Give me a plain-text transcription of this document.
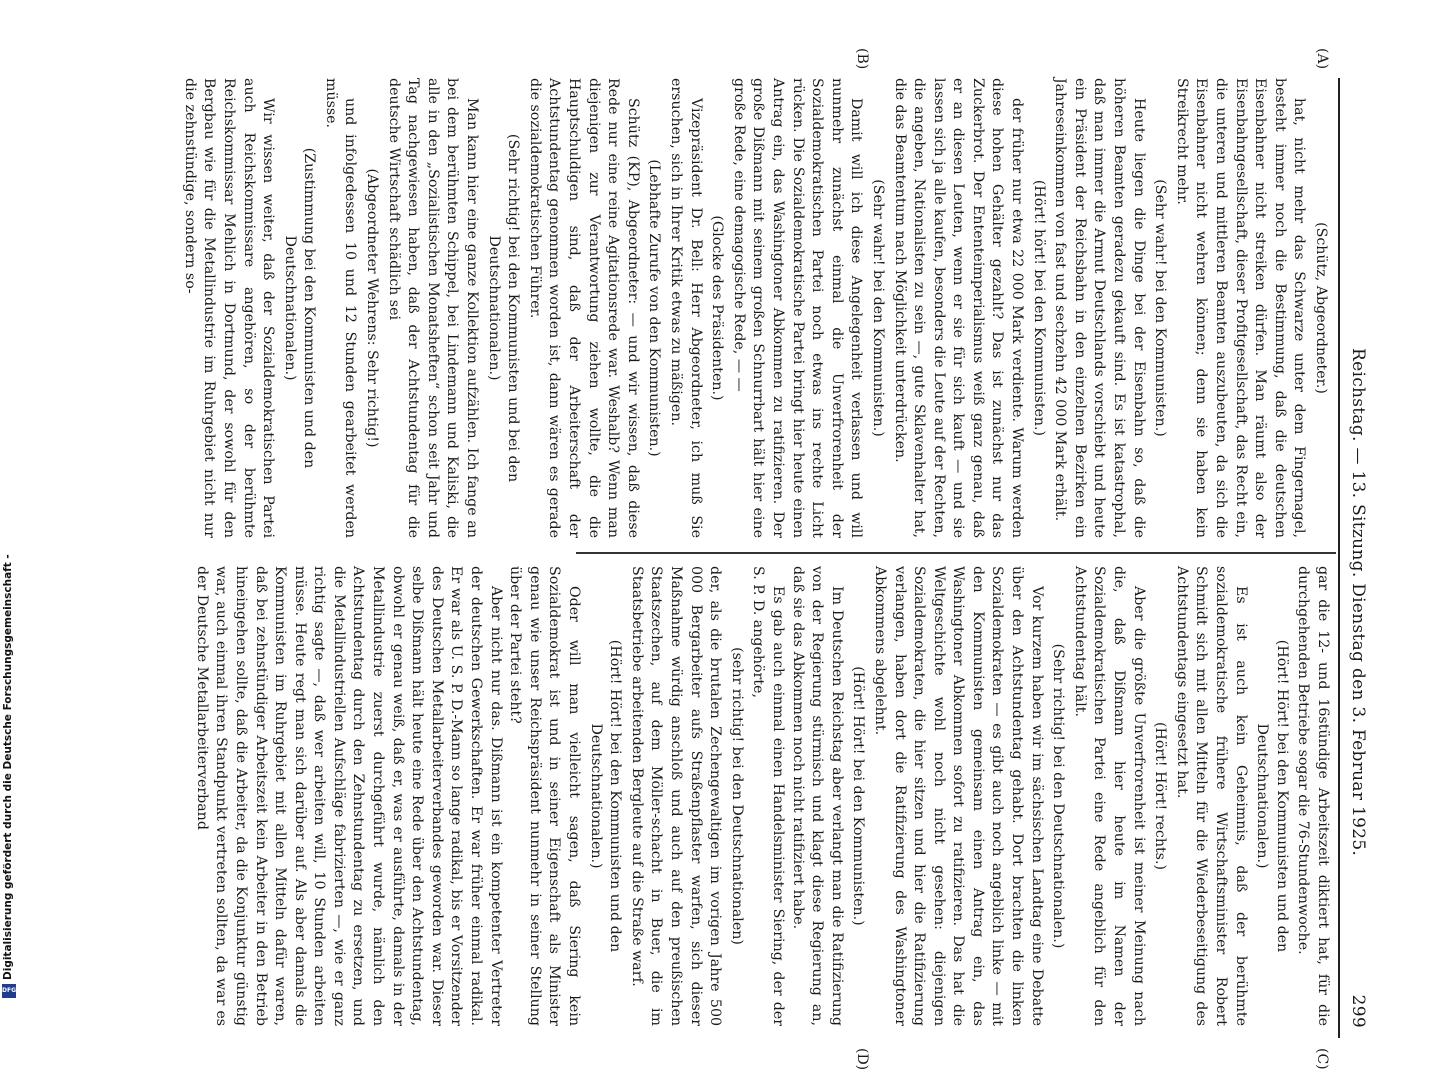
Reichstag. — 13. Sitzung. Dienstag den 3. Februar 1925.
299
(A)
(B)
(C)
(D)

(Schütz, Abgeordneter.)

hat, nicht mehr das Schwarze unter dem Fingernagel, besteht immer noch die Bestimmung, daß die deutschen Eisenbahner nicht streiken dürfen. Man räumt also der Eisenbahngesellschaft, dieser Profitgesellschaft, das Recht ein, die unteren und mittleren Beamten auszubeuten, da sich die Eisenbahner nicht wehren können; denn sie haben kein Streikrecht mehr.

(Sehr wahr! bei den Kommunisten.)

Heute liegen die Dinge bei der Eisenbahn so, daß die höheren Beamten geradezu gekauft sind. Es ist katastrophal, daß man immer die Armut Deutschlands vorschiebt und heute ein Präsident der Reichsbahn in den einzelnen Bezirken ein Jahreseinkommen von fast und sechzehn 42 000 Mark erhält.

(Hört! hört! bei den Kommunisten.)

der früher nur etwa 22 000 Mark verdiente. Warum werden diese hohen Gehälter gezahlt? Das ist zunächst nur das Zuckerbrot. Der Ententeimperialismus weiß ganz genau, daß er an diesen Leuten, wenn er sie für sich kauft — und sie lassen sich ja alle kaufen, besonders die Leute auf der Rechten, die angeben, Nationalisten zu sein —, gute Sklavenhalter hat, die das Beamtentum nach Möglichkeit unterdrücken.

(Sehr wahr! bei den Kommunisten.)

Damit will ich diese Angelegenheit verlassen und will nunmehr zunächst einmal die Unverfrorenheit der Sozialdemokratischen Partei noch etwas ins rechte Licht rücken. Die Sozialdemokratische Partei bringt hier heute einen Antrag ein, das Washingtoner Abkommen zu ratifizieren. Der große Dißmann mit seinem großen Schnurrbart hält hier eine große Rede, eine demagogische Rede, — —

(Glocke des Präsidenten.)

Vizepräsident Dr. Bell: Herr Abgeordneter, ich muß Sie ersuchen, sich in Ihrer Kritik etwas zu mäßigen.

(Lebhafte Zurufe von den Kommunisten.)

Schütz (KP), Abgeordneter: — und wir wissen, daß diese Rede nur eine reine Agitationsrede war. Weshalb? Wenn man diejenigen zur Verantwortung ziehen wollte, die die Hauptschuldigen sind, daß der Arbeiterschaft der Achtstundentag genommen worden ist, dann wären es gerade die sozialdemokratischen Führer.

(Sehr richtig! bei den Kommunisten und bei den Deutschnationalen.)

Man kann hier eine ganze Kollektion aufzählen. Ich fange an bei dem berühmten Schippel, bei Lindemann und Kaliski, die alle in den „Sozialistischen Monatsheften“ schon seit Jahr und Tag nachgewiesen haben, daß der Achtstundentag für die deutsche Wirtschaft schädlich sei

(Abgeordneter Wehrens: Sehr richtig!)

und infolgedessen 10 und 12 Stunden gearbeitet werden müsse.

(Zustimmung bei den Kommunisten und den Deutschnationalen.)

Wir wissen weiter, daß der Sozialdemokratischen Partei auch Reichskommissare angehören, so der berühmte Reichskommissar Mehlich in Dortmund, der sowohl für den Bergbau wie für die Metallindustrie im Ruhrgebiet nicht nur die zehnstündige, sondern so-

gar die 12- und 16stündige Arbeitszeit diktiert hat, für die durchgehenden Betriebe sogar die 76-Stundenwoche.

(Hört! Hört! bei den Kommunisten und den Deutschnationalen.)

Es ist auch kein Geheimnis, daß der berühmte sozialdemokratische frühere Wirtschaftsminister Robert Schmidt sich mit allen Mitteln für die Wiederbeseitigung des Achtstundentags eingesetzt hat.

(Hört! Hört! rechts.)

Aber die größte Unverfrorenheit ist meiner Meinung nach die, daß Dißmann hier heute im Namen der Sozialdemokratischen Partei eine Rede angeblich für den Achtstundentag hält.

(Sehr richtig! bei den Deutschnationalen.)

Vor kurzem haben wir im sächsischen Landtag eine Debatte über den Achtstundentag gehabt. Dort brachten die linken Sozialdemokraten — es gibt auch noch angeblich linke — mit den Kommunisten gemeinsam einen Antrag ein, das Washingtoner Abkommen sofort zu ratifizieren. Das hat die Weltgeschichte wohl noch nicht gesehen: diejenigen Sozialdemokraten, die hier sitzen und hier die Ratifizierung verlangen, haben dort die Ratifizierung des Washingtoner Abkommens abgelehnt.

(Hört! Hört! bei den Kommunisten.)

Im Deutschen Reichstag aber verlangt man die Ratifizierung von der Regierung stürmisch und klagt diese Regierung an, daß sie das Abkommen noch nicht ratifiziert habe.

Es gab auch einmal einen Handelsminister Siering, der der S. P. D. angehörte,

(sehr richtig! bei den Deutschnationalen)

der, als die brutalen Zechengewaltigen im vorigen Jahre 500 000 Bergarbeiter aufs Straßenpflaster warfen, sich dieser Maßnahme würdig anschloß und auch auf den preußischen Staatszechen, auf dem Möller-schacht in Buer, die im Staatsbetriebe arbeitenden Bergleute auf die Straße warf.

(Hört! Hört! bei den Kommunisten und den Deutschnationalen.)

Oder will man vielleicht sagen, daß Siering kein Sozialdemokrat ist und in seiner Eigenschaft als Minister genau wie unser Reichspräsident nunmehr in seiner Stellung über der Partei steht?

Aber nicht nur das. Dißmann ist ein kompetenter Vertreter der deutschen Gewerkschaften. Er war früher einmal radikal. Er war als U. S. P. D.-Mann so lange radikal, bis er Vorsitzender des Deutschen Metallarbeiterverbandes geworden war. Dieser selbe Dißmann hält heute eine Rede über den Achtstundentag, obwohl er genau weiß, daß er, was er ausführte, damals in der Metallindustrie zuerst durchgeführt wurde, nämlich den Achtstundentag durch den Zehnstundentag zu ersetzen, und die Metallindustriellen Aufschläge fabrizierten —, wie er ganz richtig sagte —, daß wer arbeiten will, 10 Stunden arbeiten müsse. Heute regt man sich darüber auf. Als aber damals die Kommunisten im Ruhrgebiet mit allen Mitteln dafür waren, daß bei zehnstündiger Arbeitszeit kein Arbeiter in den Betrieb hineingehen sollte, daß die Arbeiter, da die Konjunktur günstig war, auch einmal ihren Standpunkt vertreten sollten, da war es der Deutsche Metallarbeiterverband

Digitalisierung gefördert durch die Deutsche Forschungsgemeinschaft -
DFG
